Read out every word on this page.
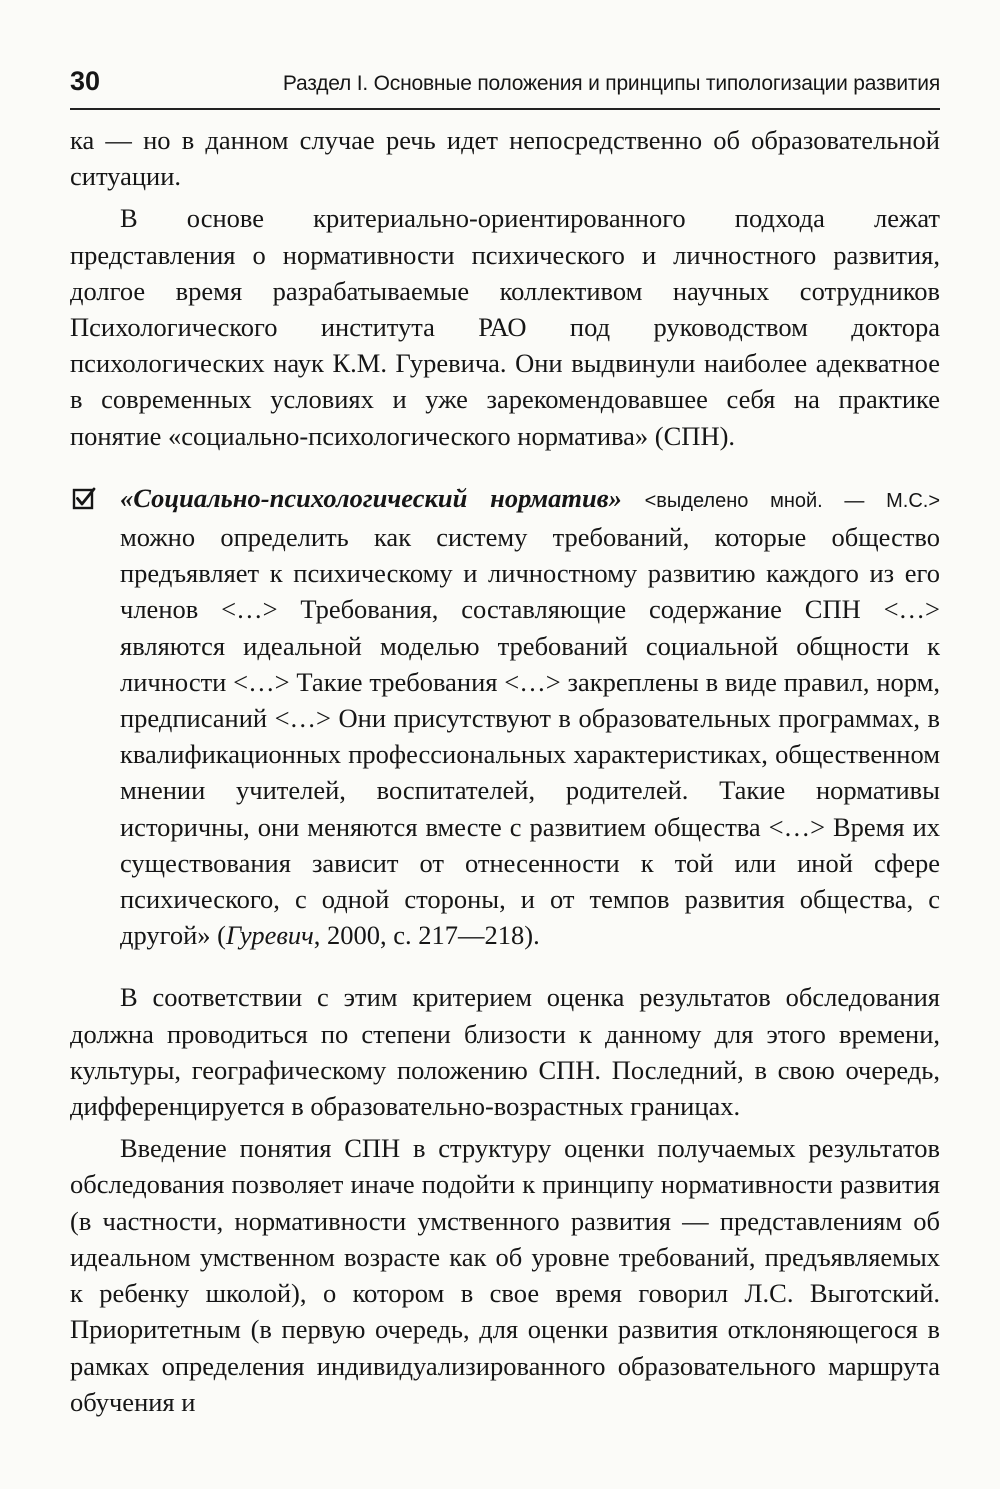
30	Раздел I. Основные положения и принципы типологизации развития

ка — но в данном случае речь идет непосредственно об образовательной ситуации.

В основе критериально-ориентированного подхода лежат представления о нормативности психического и личностного развития, долгое время разрабатываемые коллективом научных сотрудников Психологического института РАО под руководством доктора психологических наук К.М. Гуревича. Они выдвинули наиболее адекватное в современных условиях и уже зарекомендовавшее себя на практике понятие «социально-психологического норматива» (СПН).

«Социально-психологический норматив» <выделено мной. — М.С.> можно определить как систему требований, которые общество предъявляет к психическому и личностному развитию каждого из его членов <…> Требования, составляющие содержание СПН <…> являются идеальной моделью требований социальной общности к личности <…> Такие требования <…> закреплены в виде правил, норм, предписаний <…> Они присутствуют в образовательных программах, в квалификационных профессиональных характеристиках, общественном мнении учителей, воспитателей, родителей. Такие нормативы историчны, они меняются вместе с развитием общества <…> Время их существования зависит от отнесенности к той или иной сфере психического, с одной стороны, и от темпов развития общества, с другой» (Гуревич, 2000, с. 217—218).

В соответствии с этим критерием оценка результатов обследования должна проводиться по степени близости к данному для этого времени, культуры, географическому положению СПН. Последний, в свою очередь, дифференцируется в образовательно-возрастных границах.

Введение понятия СПН в структуру оценки получаемых результатов обследования позволяет иначе подойти к принципу нормативности развития (в частности, нормативности умственного развития — представлениям об идеальном умственном возрасте как об уровне требований, предъявляемых к ребенку школой), о котором в свое время говорил Л.С. Выготский. Приоритетным (в первую очередь, для оценки развития отклоняющегося в рамках определения индивидуализированного образовательного маршрута обучения и
